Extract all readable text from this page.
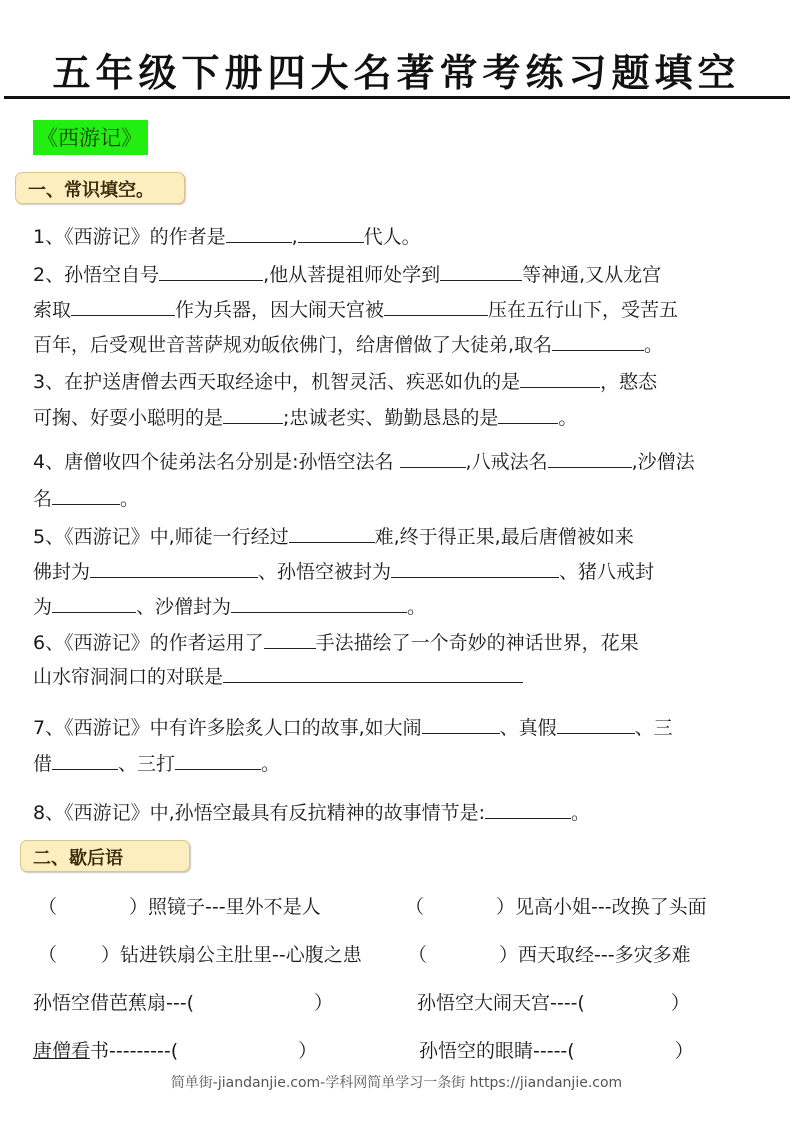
五年级下册四大名著常考练习题填空
《西游记》
一、常识填空。
1、《西游记》的作者是	,	代人。
2、孙悟空自号	,他从菩提祖师处学到	等神通,又从龙宫
索取	作为兵器，因大闹天宫被	压在五行山下，受苦五
百年，后受观世音菩萨规劝皈依佛门，给唐僧做了大徒弟,取名	。
3、在护送唐僧去西天取经途中，机智灵活、疾恶如仇的是	，憨态
可掬、好耍小聪明的是	;忠诚老实、勤勤恳恳的是	。
4、唐僧收四个徒弟法名分别是:孙悟空法名	,八戒法名	,沙僧法
名	。
5、《西游记》中,师徒一行经过	难,终于得正果,最后唐僧被如来
佛封为	、孙悟空被封为	、猪八戒封
为	、沙僧封为	。
6、《西游记》的作者运用了	手法描绘了一个奇妙的神话世界，花果
山水帘洞洞口的对联是
7、《西游记》中有许多脍炙人口的故事,如大闹	、真假	、三
借	、三打	。
8、《西游记》中,孙悟空最具有反抗精神的故事情节是:	。
二、歇后语
（	）照镜子---里外不是人	（	）见高小姐---改换了头面
（ ）钻进铁扇公主肚里--心腹之患 （	）西天取经---多灾多难
孙悟空借芭蕉扇---(	）	孙悟空大闹天宫----(	）
唐僧看书---------(	）	孙悟空的眼睛-----(	）
简单街-jiandanjie.com-学科网简单学习一条街 https://jiandanjie.com
